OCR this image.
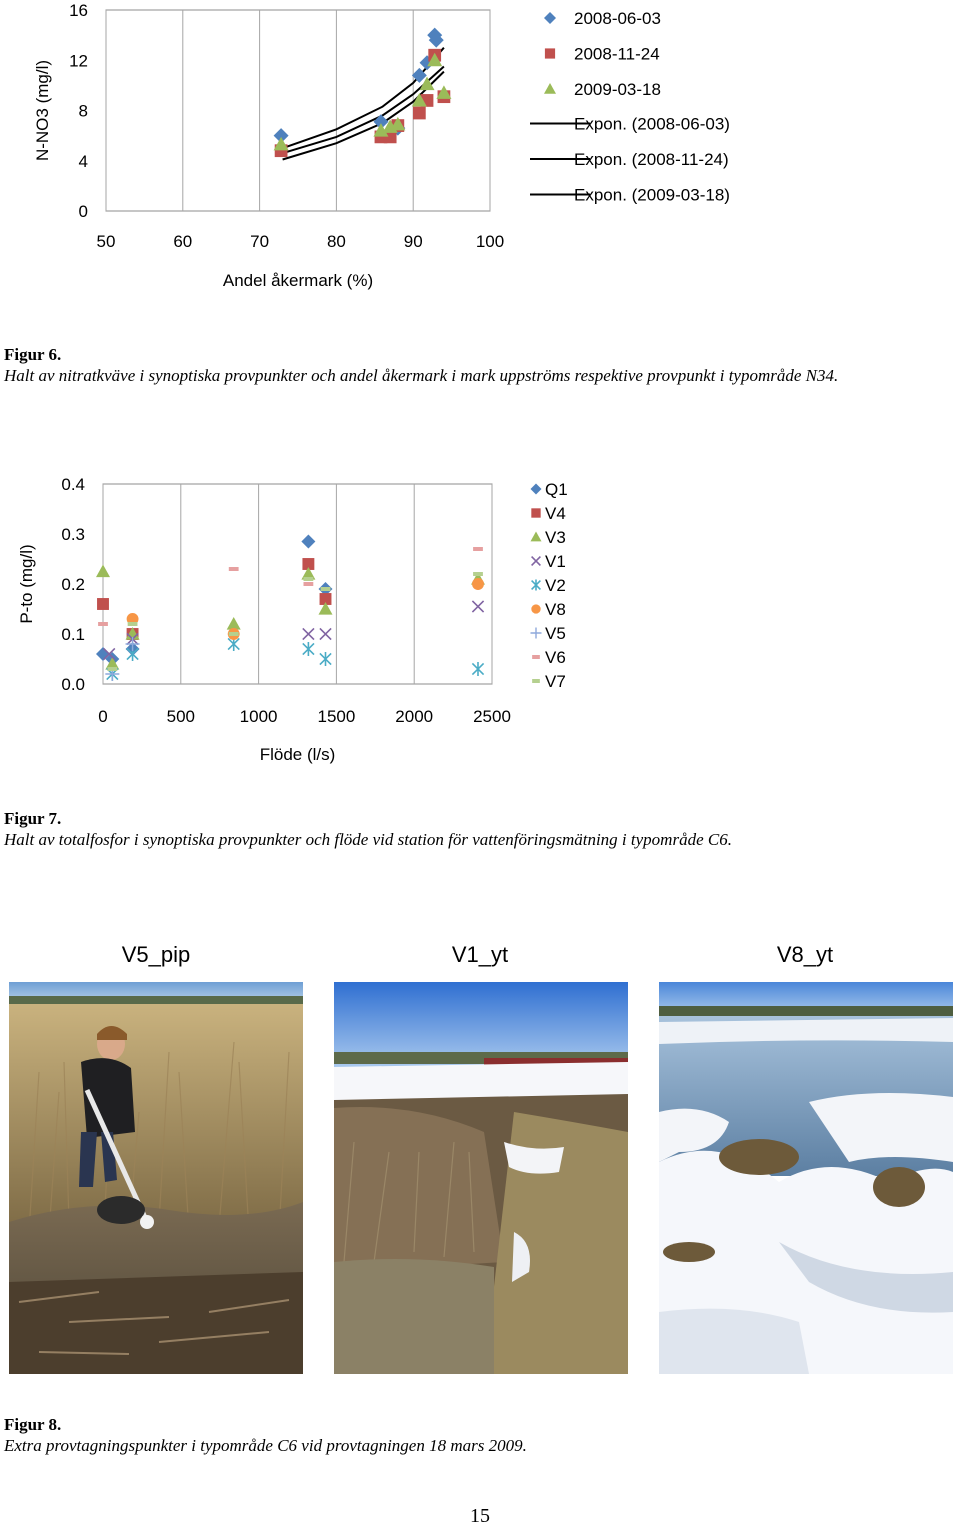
50	60	70	80	90	100
0
4
8
12
16
Andel åkermark (%)
N-NO3 (mg/l)
2008-06-03
2008-11-24
2009-03-18
Expon. (2008-06-03)
Expon. (2008-11-24)
Expon. (2009-03-18)
Figur 6.
Halt av nitratkväve i synoptiska provpunkter och andel åkermark i mark uppströms respektive provpunkt i typområde N34.
0	500	1000 1500 2000 2500
0.0
0.1
0.2
0.3
0.4
Flöde (l/s)
P-to (mg/l)
Q1
V4
V3
V1
V2
V8
V5
V6
V7
Figur 7.
Halt av totalfosfor i synoptiska provpunkter och flöde vid station för vattenföringsmätning i typområde C6.
V5_pip	V1_yt	V8_yt
Figur 8.
Extra provtagningspunkter i typområde C6 vid provtagningen 18 mars 2009.
15
